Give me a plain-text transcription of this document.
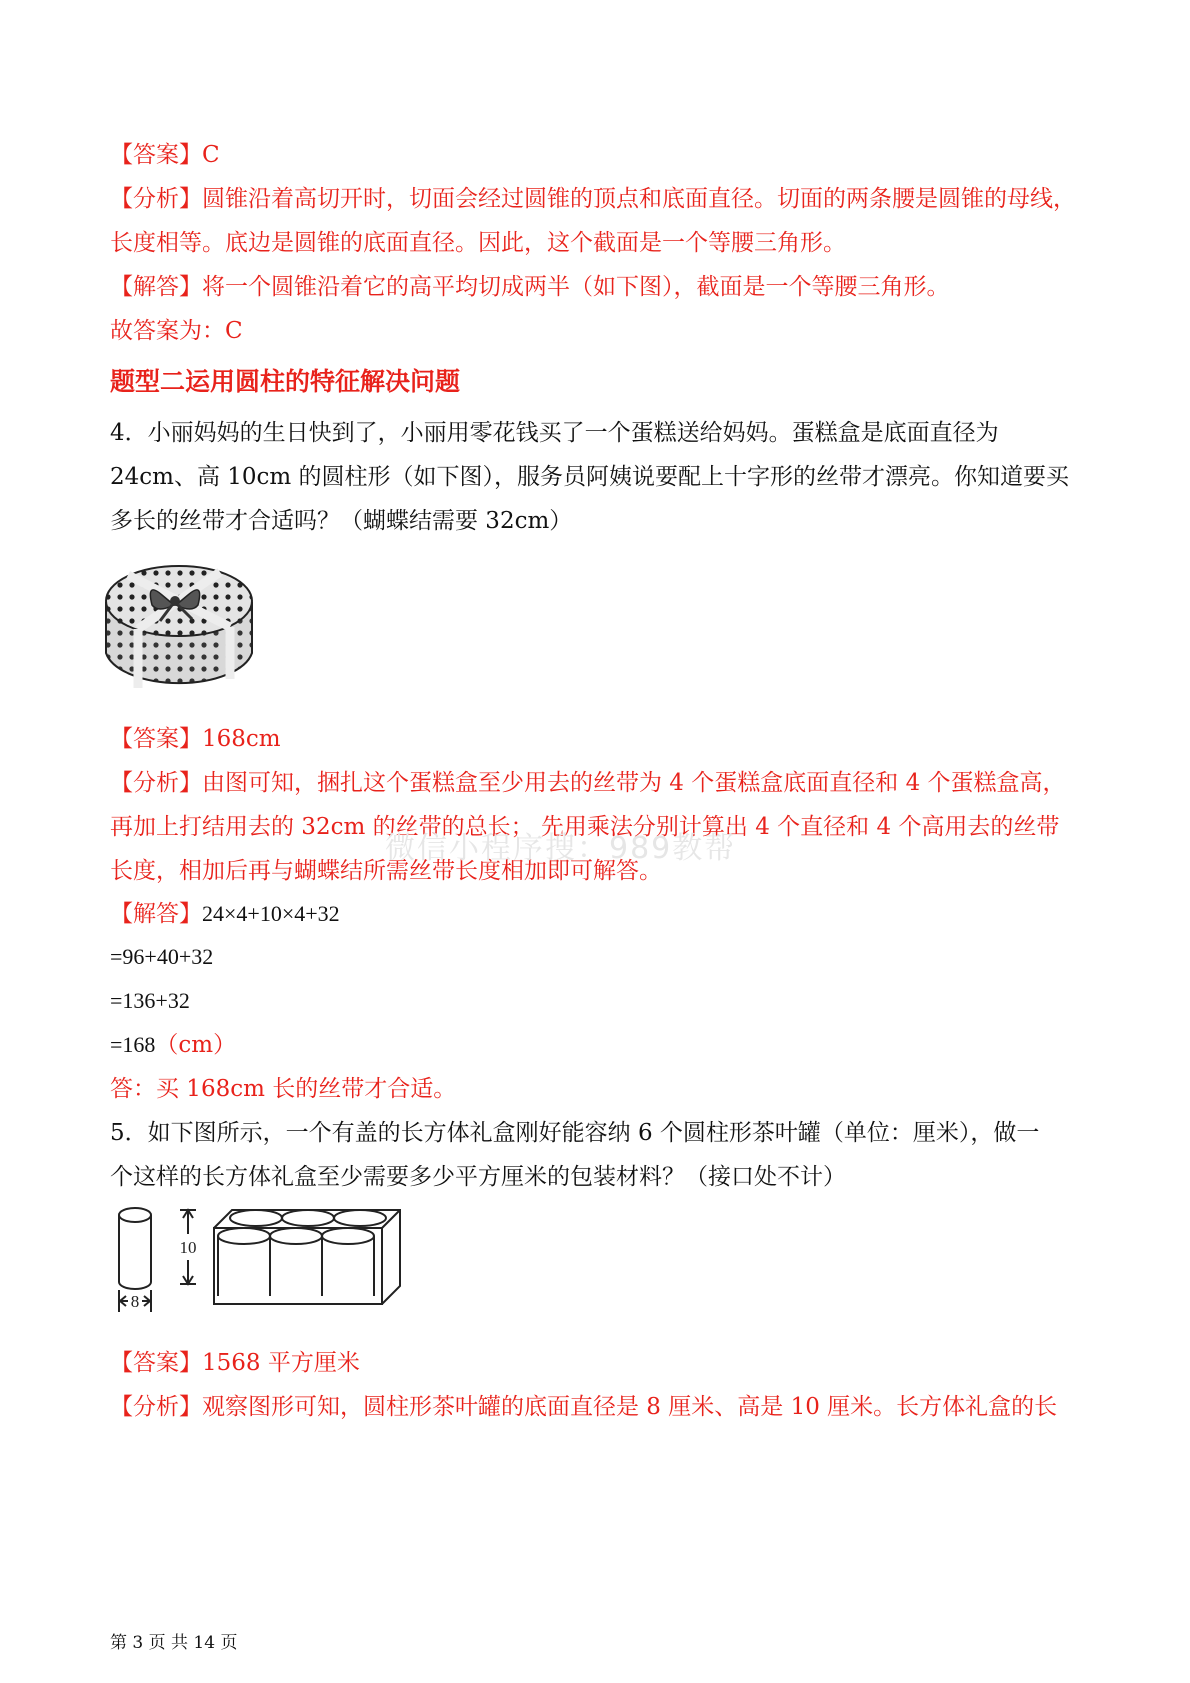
【答案】C
【分析】圆锥沿着高切开时，切面会经过圆锥的顶点和底面直径。切面的两条腰是圆锥的母线，
长度相等。底边是圆锥的底面直径。因此，这个截面是一个等腰三角形。
【解答】将一个圆锥沿着它的高平均切成两半（如下图），截面是一个等腰三角形。
故答案为：C
题型二运用圆柱的特征解决问题
4．小丽妈妈的生日快到了，小丽用零花钱买了一个蛋糕送给妈妈。蛋糕盒是底面直径为
24cm、高 10cm 的圆柱形（如下图），服务员阿姨说要配上十字形的丝带才漂亮。你知道要买
多长的丝带才合适吗？（蝴蝶结需要 32cm）
【答案】168cm
【分析】由图可知，捆扎这个蛋糕盒至少用去的丝带为 4 个蛋糕盒底面直径和 4 个蛋糕盒高，
再加上打结用去的 32cm 的丝带的总长； 先用乘法分别计算出 4 个直径和 4 个高用去的丝带
长度，相加后再与蝴蝶结所需丝带长度相加即可解答。
微信小程序搜：989教帮
【解答】24×4+10×4+32
=96+40+32
=136+32
=168（cm）
答：买 168cm 长的丝带才合适。
5．如下图所示，一个有盖的长方体礼盒刚好能容纳 6 个圆柱形茶叶罐（单位：厘米），做一
个这样的长方体礼盒至少需要多少平方厘米的包装材料？（接口处不计）
10
8
【答案】1568 平方厘米
【分析】观察图形可知，圆柱形茶叶罐的底面直径是 8 厘米、高是 10 厘米。长方体礼盒的长
第 3 页 共 14 页
